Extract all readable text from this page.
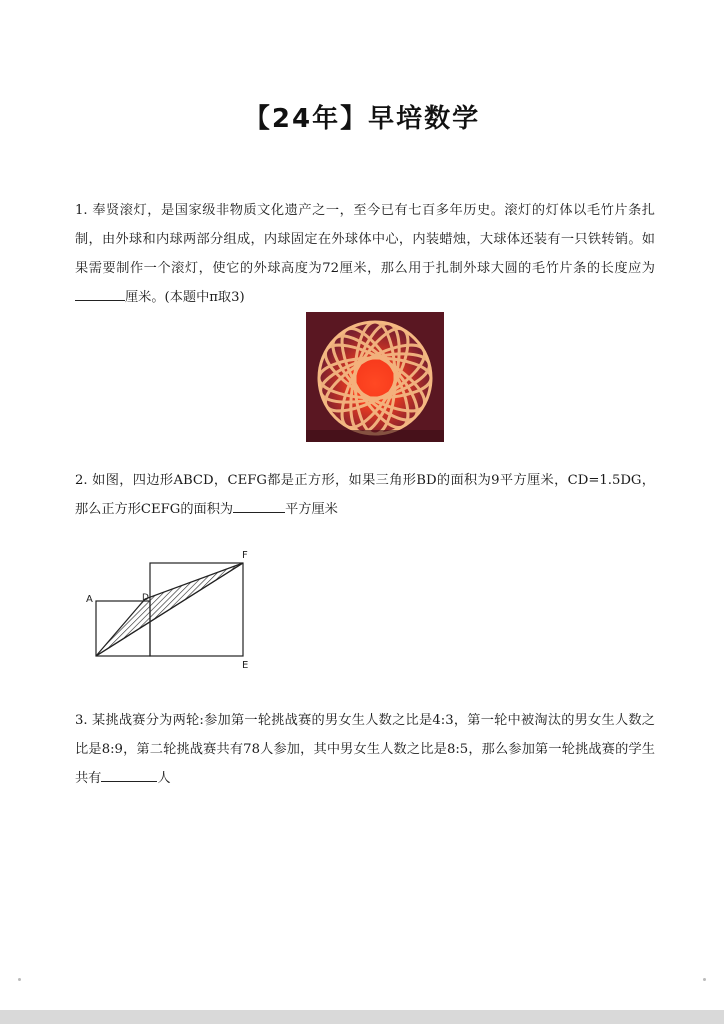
【24年】早培数学
1. 奉贤滚灯，是国家级非物质文化遗产之一，至今已有七百多年历史。滚灯的灯体以毛竹片条扎制，由外球和内球两部分组成，内球固定在外球体中心，内装蜡烛，大球体还装有一只铁转销。如果需要制作一个滚灯，使它的外球高度为72厘米，那么用于扎制外球大圆的毛竹片条的长度应为厘米。(本题中π取3)
2. 如图，四边形ABCD，CEFG都是正方形，如果三角形BD的面积为9平方厘米，CD=1.5DG，那么正方形CEFG的面积为	平方厘米
A	D
F
E
3. 某挑战赛分为两轮:参加第一轮挑战赛的男女生人数之比是4:3，第一轮中被淘汰的男女生人数之比是8:9，第二轮挑战赛共有78人参加，其中男女生人数之比是8:5，那么参加第一轮挑战赛的学生共有	人
